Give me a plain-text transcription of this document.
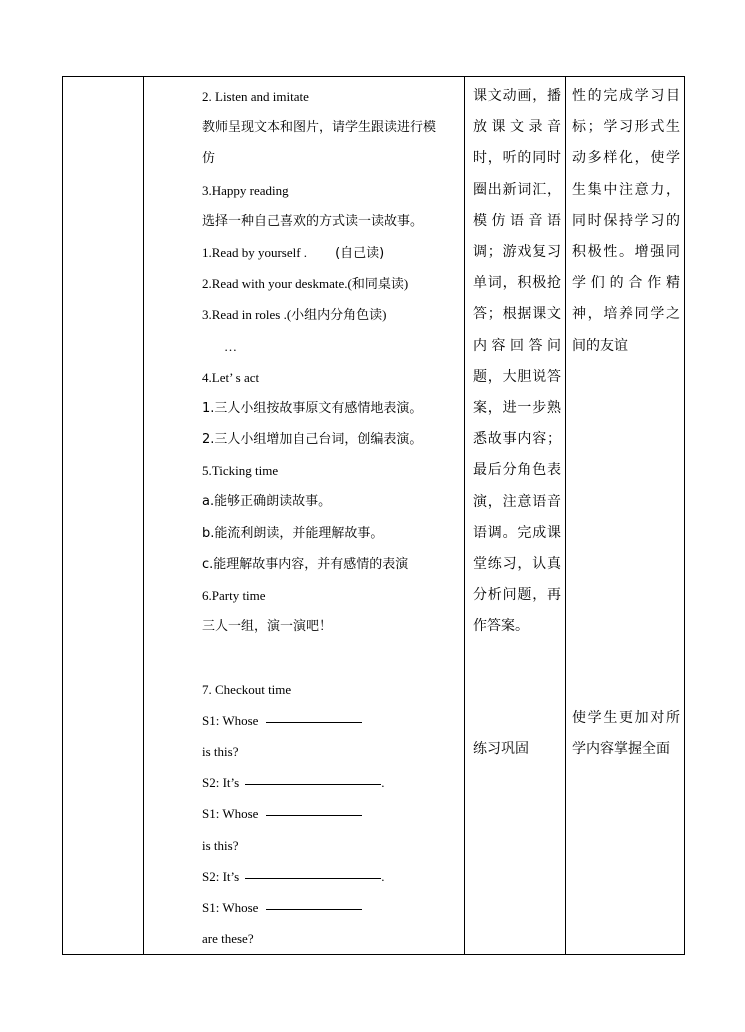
2. Listen and imitate
教师呈现文本和图片，请学生跟读进行模
仿
3.Happy reading
选择一种自己喜欢的方式读一读故事。
1.Read by yourself . (自己读)
2.Read with your deskmate.(和同桌读)
3.Read in roles .(小组内分角色读)
…
4.Let’ s act
1.三人小组按故事原文有感情地表演。
2.三人小组增加自己台词，创编表演。
5.Ticking time
a.能够正确朗读故事。
b.能流利朗读，并能理解故事。
c.能理解故事内容，并有感情的表演
6.Party time
三人一组，演一演吧！
7. Checkout time
S1: Whose
is this?
S2: It’s	.
S1: Whose
is this?
S2: It’s	.
S1: Whose
are these?

课文动画，播放课文录音时，听的同时圈出新词汇，模仿语音语调；游戏复习单词，积极抢答；根据课文内容回答问题，大胆说答案，进一步熟悉故事内容；最后分角色表演，注意语音语调。完成课堂练习，认真分析问题，再作答案。
练习巩固

性的完成学习目标；学习形式生动多样化，使学生集中注意力，同时保持学习的积极性。增强同学们的合作精神，培养同学之间的友谊
使学生更加对所学内容掌握全面
